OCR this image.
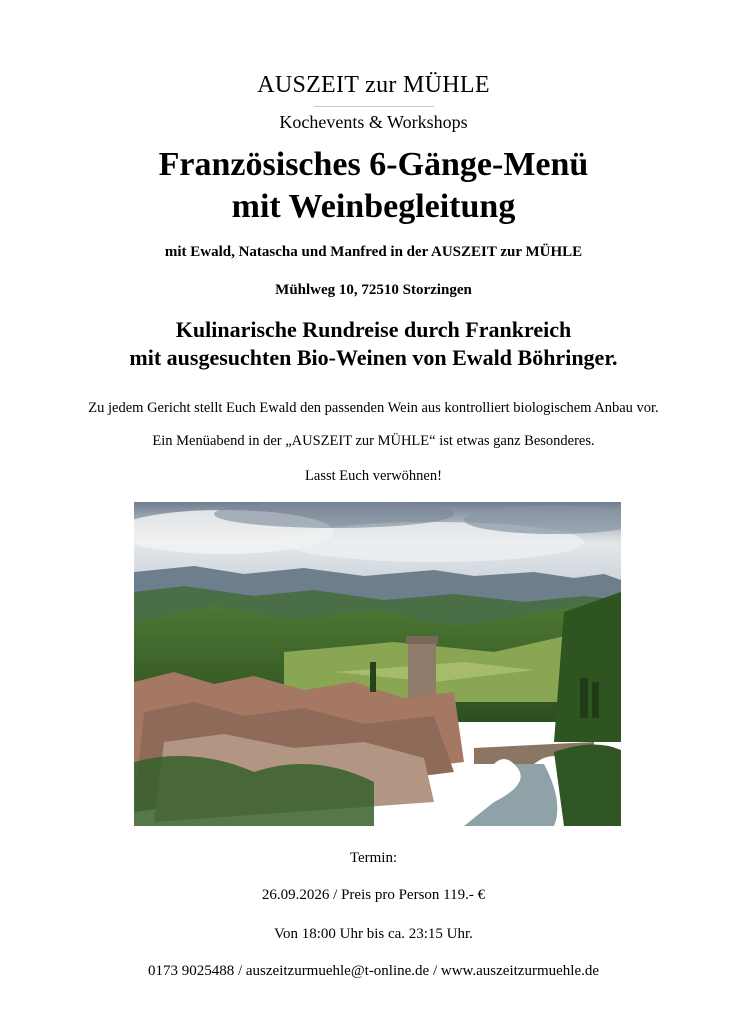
AUSZEIT zur MÜHLE
Kochevents & Workshops
Französisches 6-Gänge-Menü
mit Weinbegleitung
mit Ewald, Natascha und Manfred in der AUSZEIT zur MÜHLE
Mühlweg 10, 72510 Storzingen
Kulinarische Rundreise durch Frankreich
mit ausgesuchten Bio-Weinen von Ewald Böhringer.
Zu jedem Gericht stellt Euch Ewald den passenden Wein aus kontrolliert biologischem Anbau vor.
Ein Menüabend in der „AUSZEIT zur MÜHLE“ ist etwas ganz Besonderes.
Lasst Euch verwöhnen!
Termin:
26.09.2026 / Preis pro Person 119.- €
Von 18:00 Uhr bis ca. 23:15 Uhr.
0173 9025488 / auszeitzurmuehle@t-online.de / www.auszeitzurmuehle.de
